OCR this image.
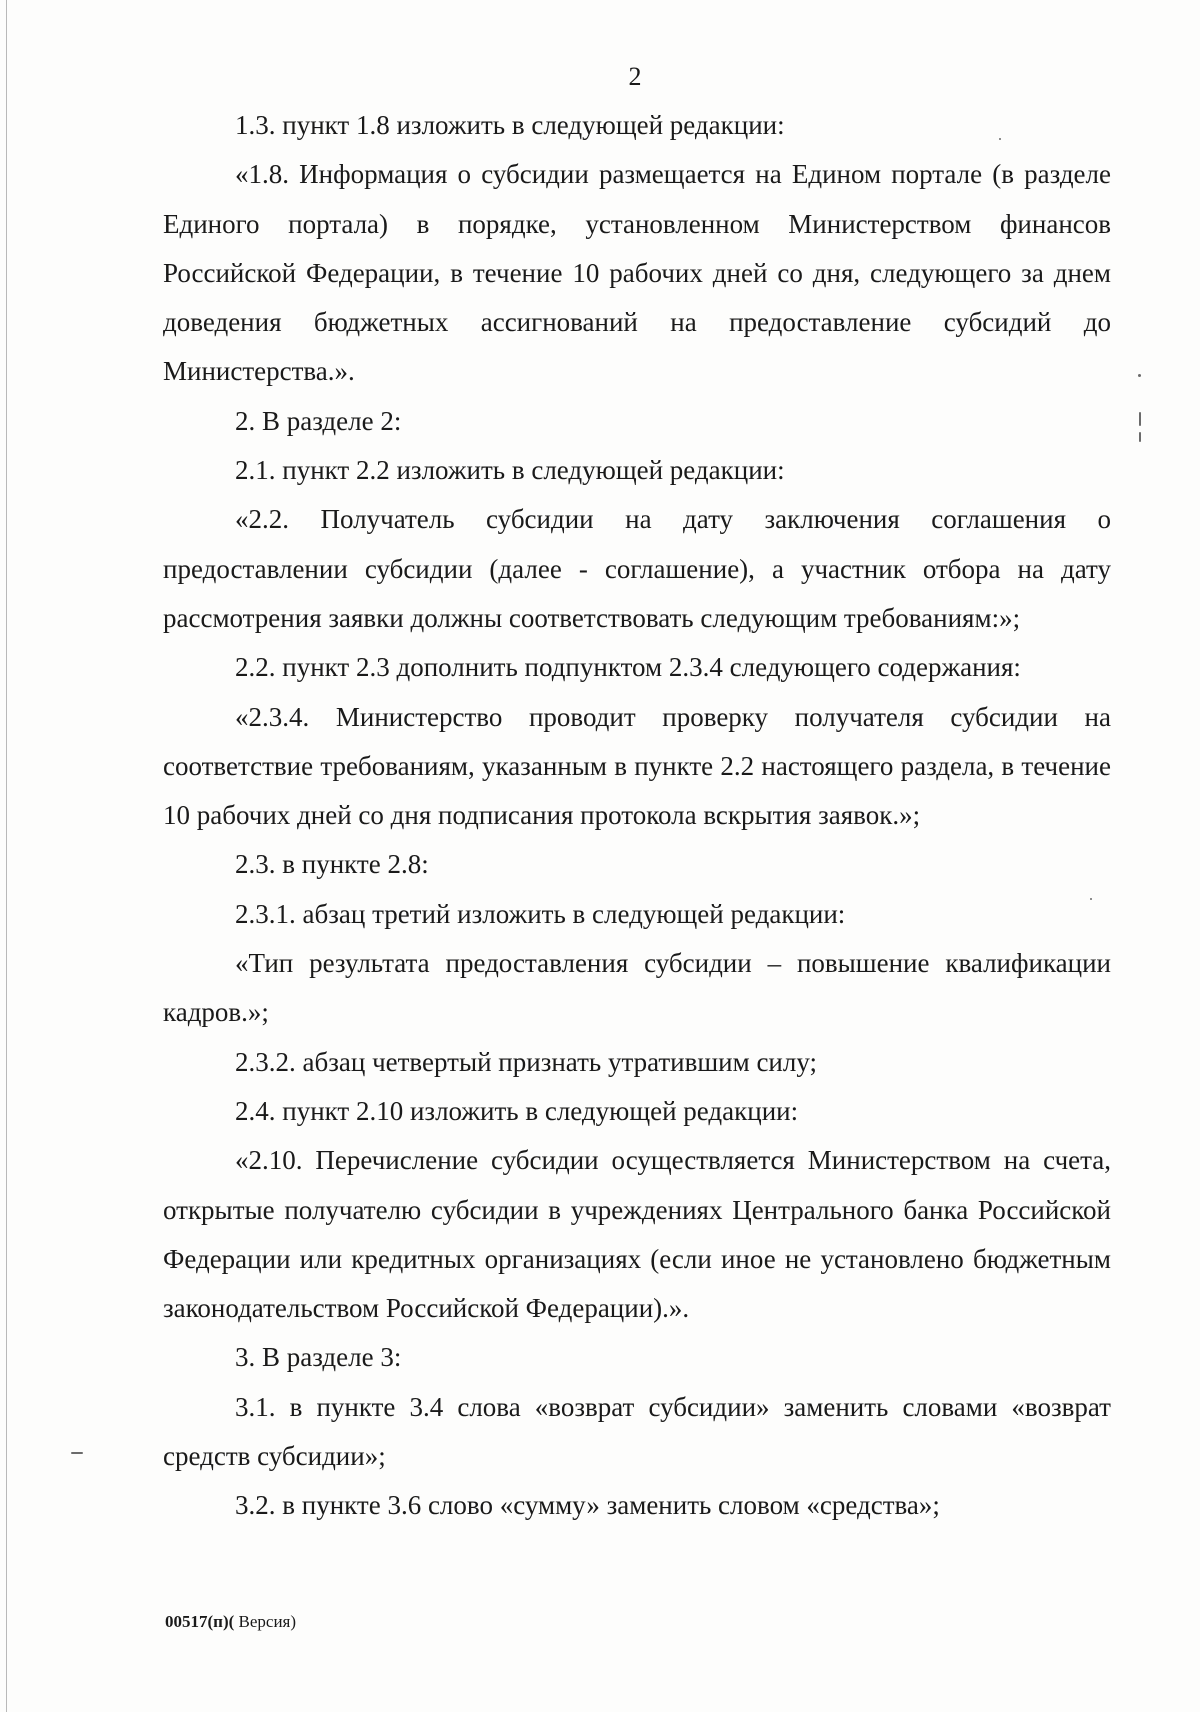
2

1.3. пункт 1.8 изложить в следующей редакции:

«1.8. Информация о субсидии размещается на Едином портале (в разделе Единого портала) в порядке, установленном Министерством финансов Российской Федерации, в течение 10 рабочих дней со дня, следующего за днем доведения бюджетных ассигнований на предоставление субсидий до Министерства.».

2. В разделе 2:

2.1. пункт 2.2 изложить в следующей редакции:

«2.2. Получатель субсидии на дату заключения соглашения о предоставлении субсидии (далее - соглашение), а участник отбора на дату рассмотрения заявки должны соответствовать следующим требованиям:»;

2.2. пункт 2.3 дополнить подпунктом 2.3.4 следующего содержания:

«2.3.4. Министерство проводит проверку получателя субсидии на соответствие требованиям, указанным в пункте 2.2 настоящего раздела, в течение 10 рабочих дней со дня подписания протокола вскрытия заявок.»;

2.3. в пункте 2.8:

2.3.1. абзац третий изложить в следующей редакции:

«Тип результата предоставления субсидии – повышение квалификации кадров.»;

2.3.2. абзац четвертый признать утратившим силу;

2.4. пункт 2.10 изложить в следующей редакции:

«2.10. Перечисление субсидии осуществляется Министерством на счета, открытые получателю субсидии в учреждениях Центрального банка Российской Федерации или кредитных организациях (если иное не установлено бюджетным законодательством Российской Федерации).».

3. В разделе 3:

3.1. в пункте 3.4 слова «возврат субсидии» заменить словами «возврат средств субсидии»;

3.2. в пункте 3.6 слово «сумму» заменить словом «средства»;

00517(п)( Версия)
